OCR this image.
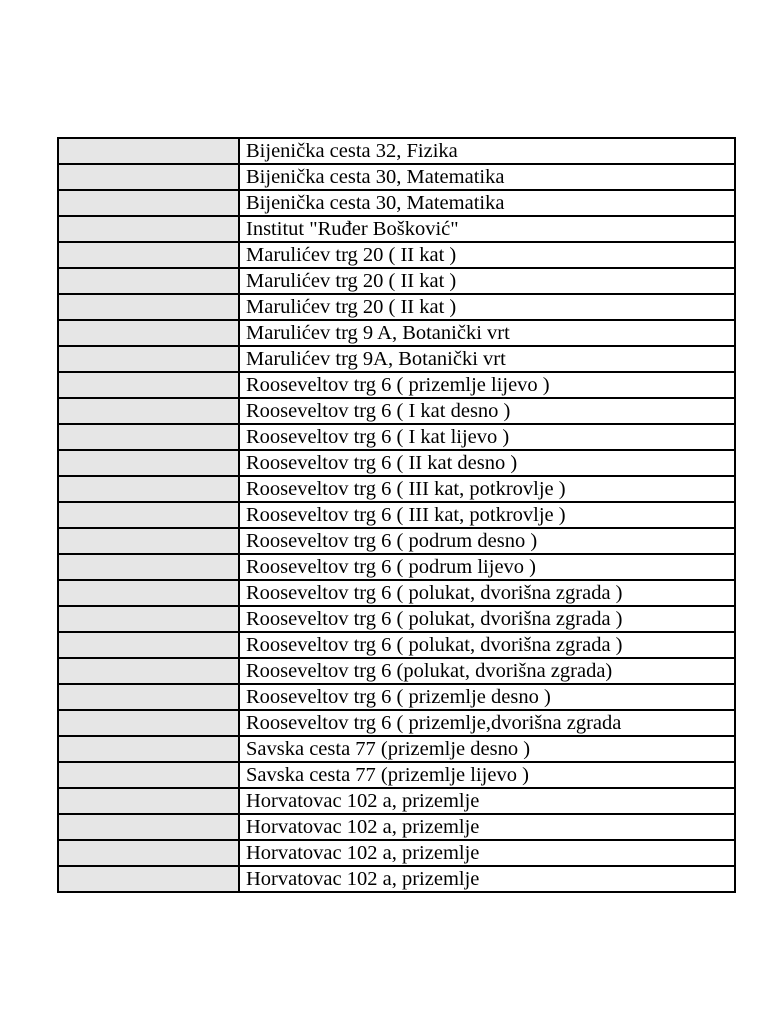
	Bijenička cesta 32, Fizika
	Bijenička cesta 30, Matematika
	Bijenička cesta 30, Matematika
	Institut "Ruđer Bošković"
	Marulićev trg 20 ( II kat )
	Marulićev trg 20 ( II kat )
	Marulićev trg 20 ( II kat )
	Marulićev trg 9 A, Botanički vrt
	Marulićev trg 9A, Botanički vrt
	Rooseveltov trg 6 ( prizemlje lijevo )
	Rooseveltov trg 6 ( I kat desno )
	Rooseveltov trg 6 ( I kat lijevo )
	Rooseveltov trg 6 ( II kat desno )
	Rooseveltov trg 6 ( III kat, potkrovlje )
	Rooseveltov trg 6 ( III kat, potkrovlje )
	Rooseveltov trg 6 ( podrum desno )
	Rooseveltov trg 6 ( podrum lijevo )
	Rooseveltov trg 6 ( polukat, dvorišna zgrada )
	Rooseveltov trg 6 ( polukat, dvorišna zgrada )
	Rooseveltov trg 6 ( polukat, dvorišna zgrada )
	Rooseveltov trg 6 (polukat, dvorišna zgrada)
	Rooseveltov trg 6 ( prizemlje desno )
	Rooseveltov trg 6 ( prizemlje,dvorišna zgrada
	Savska cesta 77 (prizemlje desno )
	Savska cesta 77 (prizemlje lijevo )
	Horvatovac 102 a, prizemlje
	Horvatovac 102 a, prizemlje
	Horvatovac 102 a, prizemlje
	Horvatovac 102 a, prizemlje
